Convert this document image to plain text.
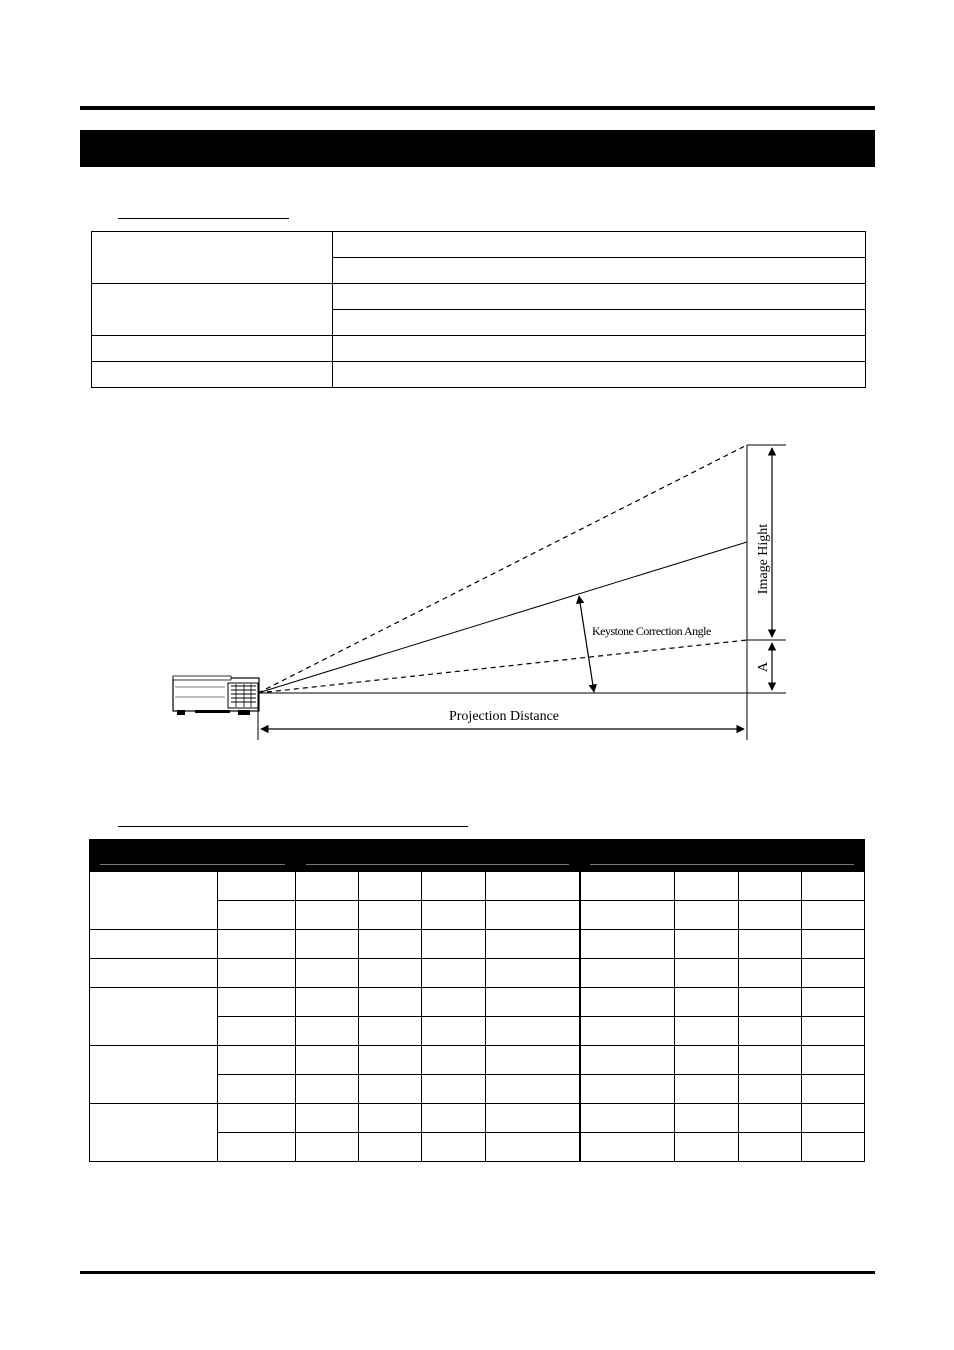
Image Hight
A
Keystone Correction Angle
Projection Distance
